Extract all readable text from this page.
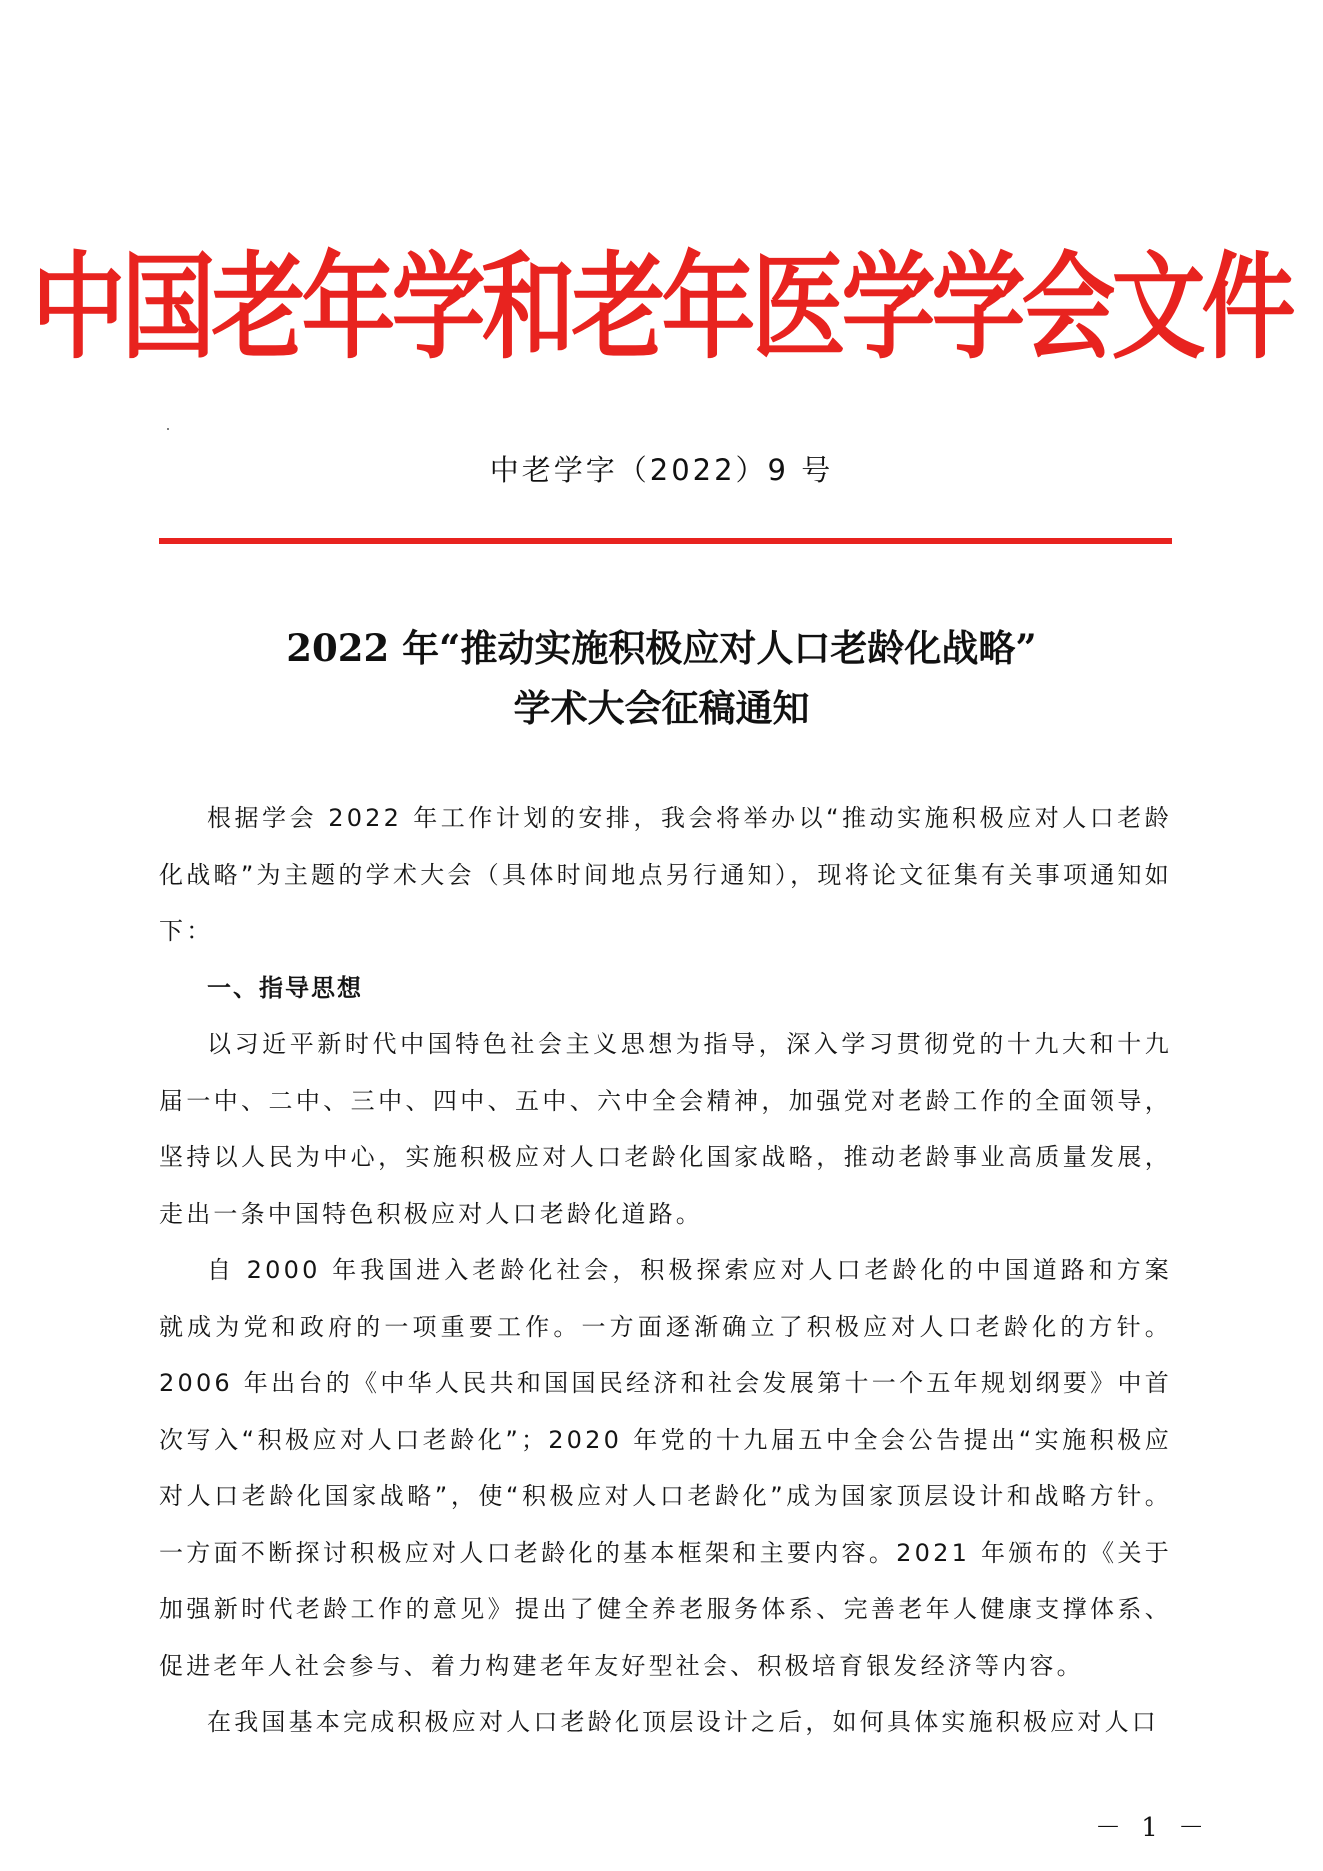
中国老年学和老年医学学会文件
中老学字（2022）9 号
2022 年“推动实施积极应对人口老龄化战略”
学术大会征稿通知

根据学会 2022 年工作计划的安排，我会将举办以“推动实施积极应对人口老龄化战略”为主题的学术大会（具体时间地点另行通知），现将论文征集有关事项通知如下：

一、指导思想

以习近平新时代中国特色社会主义思想为指导，深入学习贯彻党的十九大和十九届一中、二中、三中、四中、五中、六中全会精神，加强党对老龄工作的全面领导，坚持以人民为中心，实施积极应对人口老龄化国家战略，推动老龄事业高质量发展，走出一条中国特色积极应对人口老龄化道路。

自 2000 年我国进入老龄化社会，积极探索应对人口老龄化的中国道路和方案就成为党和政府的一项重要工作。一方面逐渐确立了积极应对人口老龄化的方针。2006 年出台的《中华人民共和国国民经济和社会发展第十一个五年规划纲要》中首次写入“积极应对人口老龄化”；2020 年党的十九届五中全会公告提出“实施积极应对人口老龄化国家战略”，使“积极应对人口老龄化”成为国家顶层设计和战略方针。一方面不断探讨积极应对人口老龄化的基本框架和主要内容。2021 年颁布的《关于加强新时代老龄工作的意见》提出了健全养老服务体系、完善老年人健康支撑体系、促进老年人社会参与、着力构建老年友好型社会、积极培育银发经济等内容。

在我国基本完成积极应对人口老龄化顶层设计之后，如何具体实施积极应对人口

－ 1 －
